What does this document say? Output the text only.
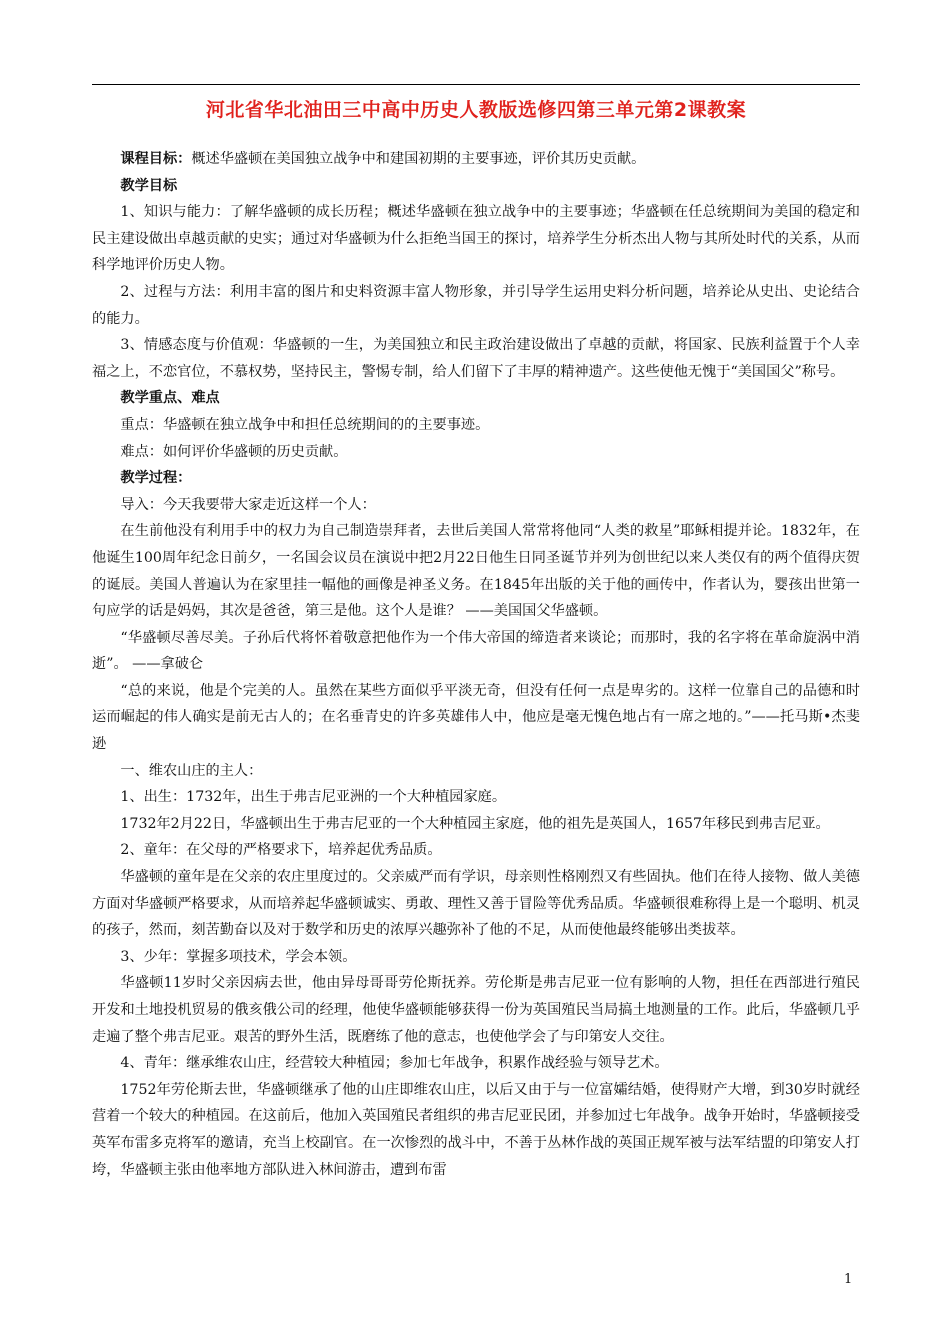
河北省华北油田三中高中历史人教版选修四第三单元第2课教案

课程目标：概述华盛顿在美国独立战争中和建国初期的主要事迹，评价其历史贡献。

教学目标

1、知识与能力：了解华盛顿的成长历程；概述华盛顿在独立战争中的主要事迹；华盛顿在任总统期间为美国的稳定和民主建设做出卓越贡献的史实；通过对华盛顿为什么拒绝当国王的探讨，培养学生分析杰出人物与其所处时代的关系，从而科学地评价历史人物。

2、过程与方法：利用丰富的图片和史料资源丰富人物形象，并引导学生运用史料分析问题，培养论从史出、史论结合的能力。

3、情感态度与价值观：华盛顿的一生，为美国独立和民主政治建设做出了卓越的贡献，将国家、民族利益置于个人幸福之上，不恋官位，不慕权势，坚持民主，警惕专制，给人们留下了丰厚的精神遗产。这些使他无愧于“美国国父”称号。

教学重点、难点

重点：华盛顿在独立战争中和担任总统期间的的主要事迹。

难点：如何评价华盛顿的历史贡献。

教学过程：

导入：今天我要带大家走近这样一个人：

在生前他没有利用手中的权力为自己制造崇拜者，去世后美国人常常将他同“人类的救星”耶稣相提并论。1832年，在他诞生100周年纪念日前夕，一名国会议员在演说中把2月22日他生日同圣诞节并列为创世纪以来人类仅有的两个值得庆贺的诞辰。美国人普遍认为在家里挂一幅他的画像是神圣义务。在1845年出版的关于他的画传中，作者认为，婴孩出世第一句应学的话是妈妈，其次是爸爸，第三是他。这个人是谁？ ——美国国父华盛顿。

“华盛顿尽善尽美。子孙后代将怀着敬意把他作为一个伟大帝国的缔造者来谈论；而那时，我的名字将在革命旋涡中消逝”。 ——拿破仑

“总的来说，他是个完美的人。虽然在某些方面似乎平淡无奇，但没有任何一点是卑劣的。这样一位靠自己的品德和时运而崛起的伟人确实是前无古人的；在名垂青史的许多英雄伟人中，他应是毫无愧色地占有一席之地的。”——托马斯•杰斐逊

一、维农山庄的主人：

1、出生：1732年，出生于弗吉尼亚洲的一个大种植园家庭。

1732年2月22日，华盛顿出生于弗吉尼亚的一个大种植园主家庭，他的祖先是英国人，1657年移民到弗吉尼亚。

2、童年：在父母的严格要求下，培养起优秀品质。

华盛顿的童年是在父亲的农庄里度过的。父亲威严而有学识，母亲则性格刚烈又有些固执。他们在待人接物、做人美德方面对华盛顿严格要求，从而培养起华盛顿诚实、勇敢、理性又善于冒险等优秀品质。华盛顿很难称得上是一个聪明、机灵的孩子，然而，刻苦勤奋以及对于数学和历史的浓厚兴趣弥补了他的不足，从而使他最终能够出类拔萃。

3、少年：掌握多项技术，学会本领。

华盛顿11岁时父亲因病去世，他由异母哥哥劳伦斯抚养。劳伦斯是弗吉尼亚一位有影响的人物，担任在西部进行殖民开发和土地投机贸易的俄亥俄公司的经理，他使华盛顿能够获得一份为英国殖民当局搞土地测量的工作。此后，华盛顿几乎走遍了整个弗吉尼亚。艰苦的野外生活，既磨练了他的意志，也使他学会了与印第安人交往。

4、青年：继承维农山庄，经营较大种植园；参加七年战争，积累作战经验与领导艺术。

1752年劳伦斯去世，华盛顿继承了他的山庄即维农山庄，以后又由于与一位富孀结婚，使得财产大增，到30岁时就经营着一个较大的种植园。在这前后，他加入英国殖民者组织的弗吉尼亚民团，并参加过七年战争。战争开始时，华盛顿接受英军布雷多克将军的邀请，充当上校副官。在一次惨烈的战斗中，不善于丛林作战的英国正规军被与法军结盟的印第安人打垮，华盛顿主张由他率地方部队进入林间游击，遭到布雷

1
